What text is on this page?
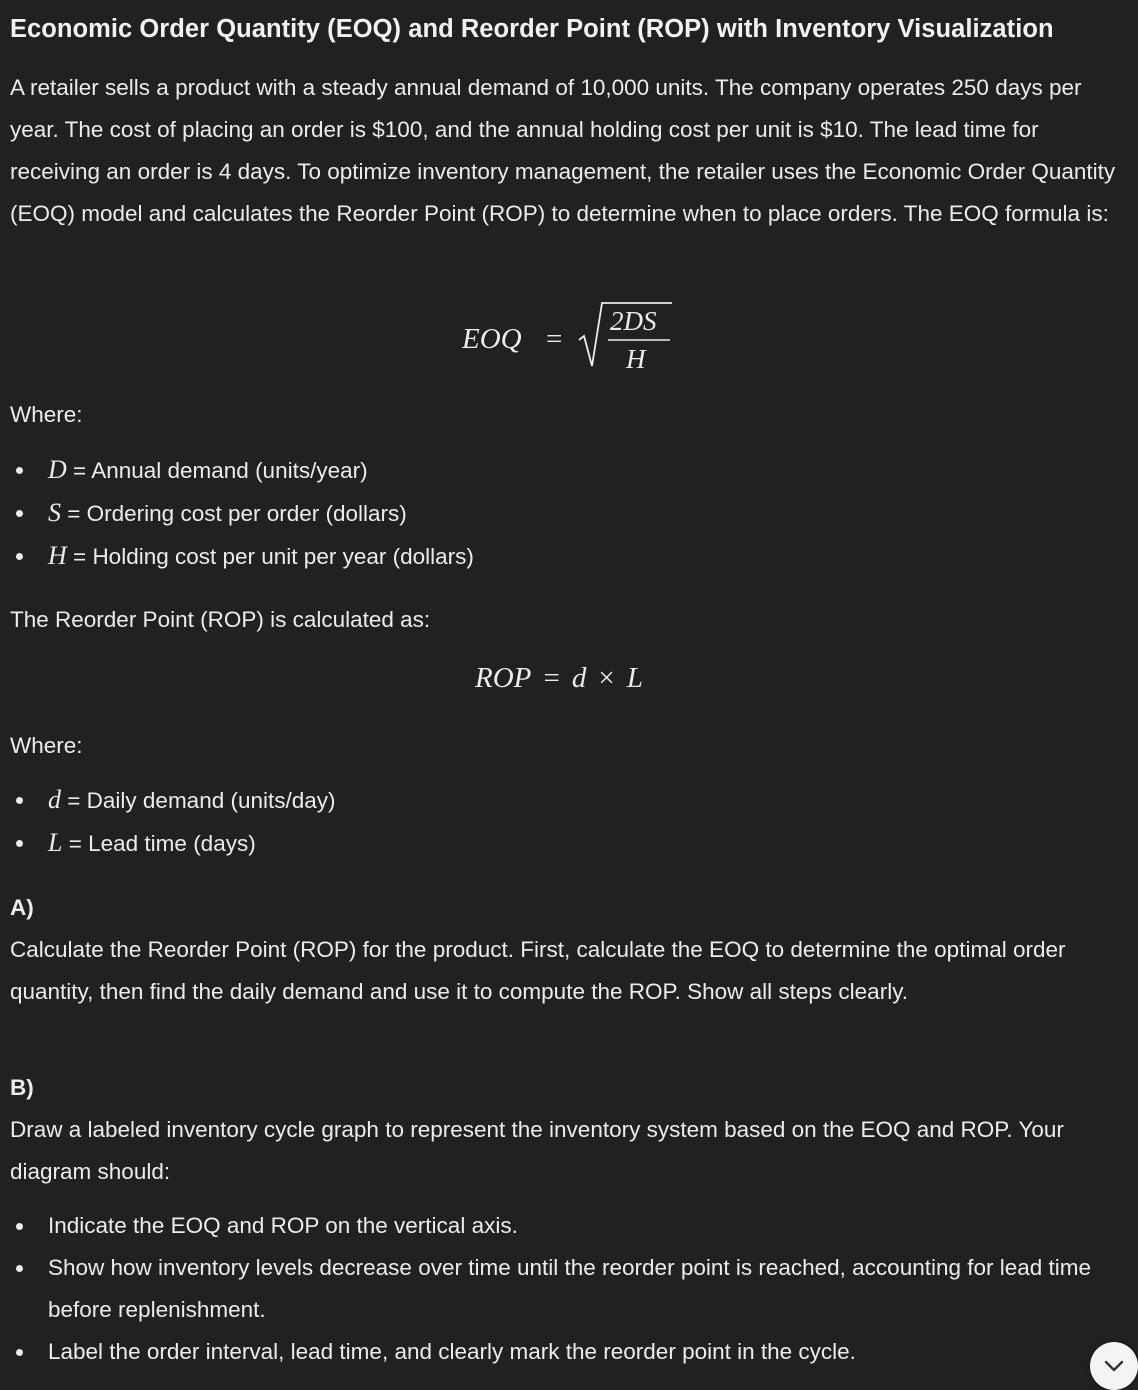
Economic Order Quantity (EOQ) and Reorder Point (ROP) with Inventory Visualization

A retailer sells a product with a steady annual demand of 10,000 units. The company operates 250 days per year. The cost of placing an order is $100, and the annual holding cost per unit is $10. The lead time for receiving an order is 4 days. To optimize inventory management, the retailer uses the Economic Order Quantity (EOQ) model and calculates the Reorder Point (ROP) to determine when to place orders. The EOQ formula is:

EOQ =
2DS
H

Where:

D = Annual demand (units/year)
S = Ordering cost per order (dollars)
H = Holding cost per unit per year (dollars)

The Reorder Point (ROP) is calculated as:

ROP = d × L

Where:

d = Daily demand (units/day)
L = Lead time (days)
A)

Calculate the Reorder Point (ROP) for the product. First, calculate the EOQ to determine the optimal order quantity, then find the daily demand and use it to compute the ROP. Show all steps clearly.

B)

Draw a labeled inventory cycle graph to represent the inventory system based on the EOQ and ROP. Your diagram should:

Indicate the EOQ and ROP on the vertical axis.
Show how inventory levels decrease over time until the reorder point is reached, accounting for lead time before replenishment.
Label the order interval, lead time, and clearly mark the reorder point in the cycle.
